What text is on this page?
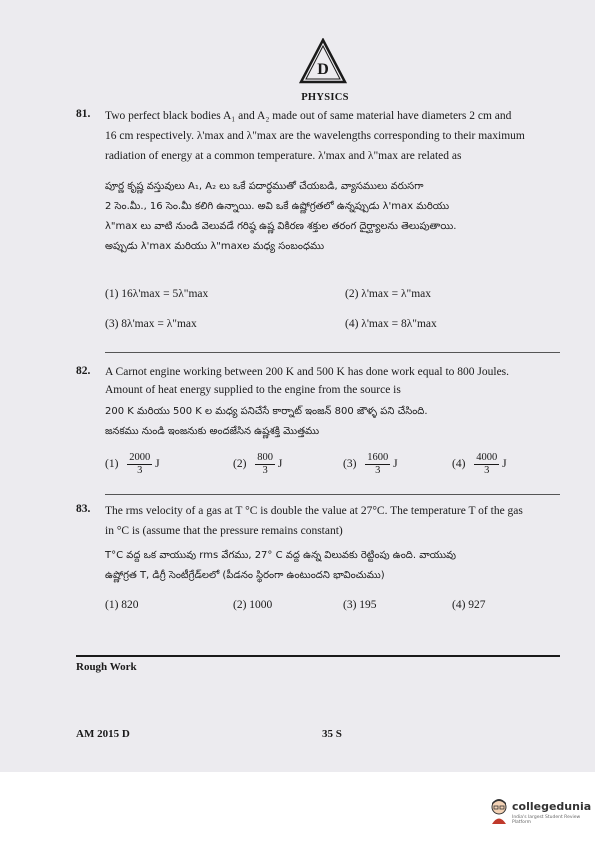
D
PHYSICS
81. Two perfect black bodies A₁ and A₂ made out of same material have diameters 2 cm and
16 cm respectively. λ'max and λ"max are the wavelengths corresponding to their maximum
radiation of energy at a common temperature. λ'max and λ"max are related as
పూర్ణ కృష్ణ వస్తువులు A₁, A₂ లు ఒకే పదార్ధముతో చేయబడి, వ్యాసములు వరుసగా
2 సెం.మీ., 16 సెం.మీ కలిగి ఉన్నాయి. అవి ఒకే ఉష్ణోగ్రతలో ఉన్నప్పుడు λ'max మరియు
λ"max లు వాటి నుండి వెలువడే గరిష్ఠ ఉష్ణ వికిరణ శక్తుల తరంగ దైర్ఘ్యాలను తెలుపుతాయి.
అప్పుడు λ'max మరియు λ"maxల మధ్య సంబంధము
(1) 16λ'max = 5λ"max	(2) λ'max = λ"max
(3) 8λ'max = λ"max	(4) λ'max = 8λ"max
82. A Carnot engine working between 200 K and 500 K has done work equal to 800 Joules.
Amount of heat energy supplied to the engine from the source is
200 K మరియు 500 K ల మధ్య పనిచేసే కార్నాట్ ఇంజన్ 800 జౌళ్ళ పని చేసింది.
జనకము నుండి ఇంజనుకు అందజేసిన ఉష్ణశక్తి మొత్తము
$(1) \frac{2000}{3}$ J	$(2) \frac{800}{3}$ J	$(3) \frac{1600}{3}$ J	$(4) \frac{4000}{3}$ J
83. The rms velocity of a gas at T °C is double the value at 27°C. The temperature T of the gas
in °C is (assume that the pressure remains constant)
T°C వద్ద ఒక వాయువు rms వేగము, 27° C వద్ద ఉన్న విలువకు రెట్టింపు ఉంది. వాయువు
ఉష్ణోగ్రత T, డిగ్రీ సెంటీగ్రేడ్‌లలో (పీడనం స్థిరంగా ఉంటుందని భావించుము)
(1) 820	(2) 1000	(3) 195	(4) 927
Rough Work
AM 2015 D	35 S
collegedunia
India's largest Student Review Platform
